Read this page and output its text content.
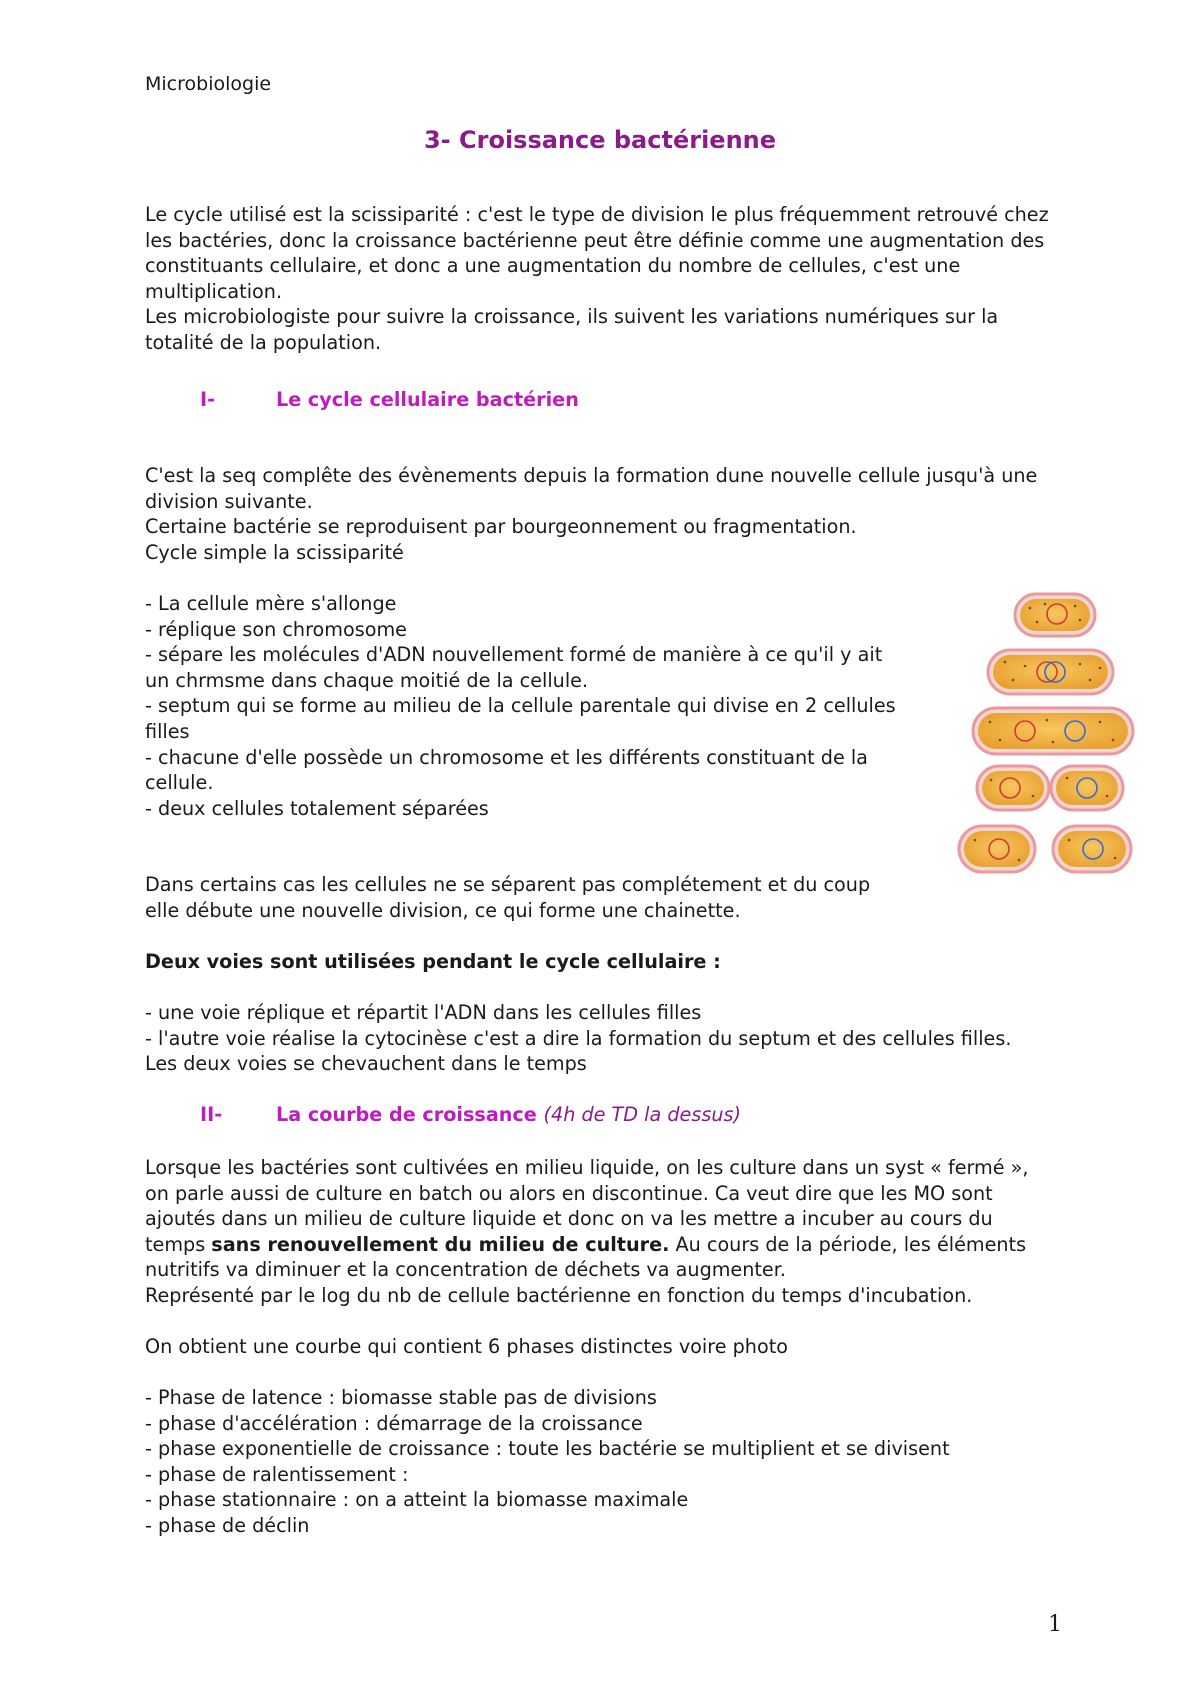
Microbiologie
3- Croissance bactérienne

Le cycle utilisé est la scissiparité : c'est le type de division le plus fréquemment retrouvé chez

les bactéries, donc la croissance bactérienne peut être définie comme une augmentation des

constituants cellulaire, et donc a une augmentation du nombre de cellules, c'est une

multiplication.

Les microbiologiste pour suivre la croissance, ils suivent les variations numériques sur la

totalité de la population.

I-	Le cycle cellulaire bactérien

C'est la seq complête des évènements depuis la formation dune nouvelle cellule jusqu'à une

division suivante.

Certaine bactérie se reproduisent par bourgeonnement ou fragmentation.

Cycle simple la scissiparité

- La cellule mère s'allonge

- réplique son chromosome

- sépare les molécules d'ADN nouvellement formé de manière à ce qu'il y ait

un chrmsme dans chaque moitié de la cellule.

- septum qui se forme au milieu de la cellule parentale qui divise en 2 cellules

filles

- chacune d'elle possède un chromosome et les différents constituant de la

cellule.

- deux cellules totalement séparées

Dans certains cas les cellules ne se séparent pas complétement et du coup

elle débute une nouvelle division, ce qui forme une chainette.

Deux voies sont utilisées pendant le cycle cellulaire :

- une voie réplique et répartit l'ADN dans les cellules filles

- l'autre voie réalise la cytocinèse c'est a dire la formation du septum et des cellules filles.

Les deux voies se chevauchent dans le temps

II-	La courbe de croissance (4h de TD la dessus)

Lorsque les bactéries sont cultivées en milieu liquide, on les culture dans un syst « fermé »,

on parle aussi de culture en batch ou alors en discontinue. Ca veut dire que les MO sont

ajoutés dans un milieu de culture liquide et donc on va les mettre a incuber au cours du

temps sans renouvellement du milieu de culture. Au cours de la période, les éléments

nutritifs va diminuer et la concentration de déchets va augmenter.

Représenté par le log du nb de cellule bactérienne en fonction du temps d'incubation.

On obtient une courbe qui contient 6 phases distinctes voire photo

- Phase de latence : biomasse stable pas de divisions

- phase d'accélération : démarrage de la croissance

- phase exponentielle de croissance : toute les bactérie se multiplient et se divisent

- phase de ralentissement :

- phase stationnaire : on a atteint la biomasse maximale

- phase de déclin

1
